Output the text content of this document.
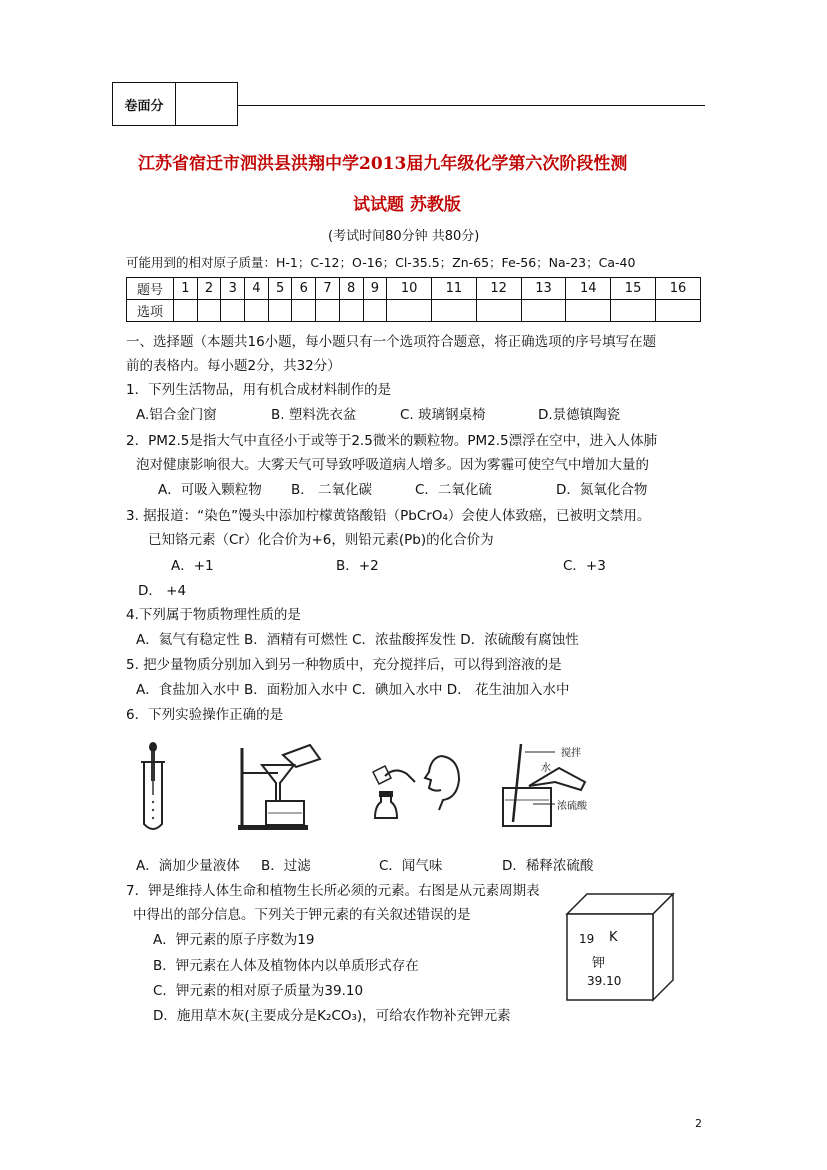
卷面分
江苏省宿迁市泗洪县洪翔中学2013届九年级化学第六次阶段性测
试试题 苏教版
(考试时间80分钟 共80分)
可能用到的相对原子质量：H-1；C-12；O-16；Cl-35.5；Zn-65；Fe-56；Na-23；Ca-40
题号	1	2	3	4	5	6	7	8	9	10	11	12	13	14	15	16
选项																
一、选择题（本题共16小题，每小题只有一个选项符合题意，将正确选项的序号填写在题
前的表格内。每小题2分，共32分）
1．下列生活物品，用有机合成材料制作的是
A.铝合金门窗	B. 塑料洗衣盆	C. 玻璃钢桌椅	D.景德镇陶瓷
2．PM2.5是指大气中直径小于或等于2.5微米的颗粒物。PM2.5漂浮在空中，进入人体肺
泡对健康影响很大。大雾天气可导致呼吸道病人增多。因为雾霾可使空气中增加大量的
A．可吸入颗粒物 B． 二氧化碳	C．二氧化硫	D．氮氧化合物
3. 据报道：“染色”馒头中添加柠檬黄铬酸铅（PbCrO₄）会使人体致癌，已被明文禁用。
已知铬元素（Cr）化合价为+6，则铅元素(Pb)的化合价为
A．+1	B．+2	C．+3
D． +4
4.下列属于物质物理性质的是
A．氦气有稳定性 B．酒精有可燃性 C．浓盐酸挥发性 D．浓硫酸有腐蚀性
5. 把少量物质分别加入到另一种物质中，充分搅拌后，可以得到溶液的是
A．食盐加入水中 B．面粉加入水中 C．碘加入水中 D． 花生油加入水中
6．下列实验操作正确的是
搅拌
水
浓硫酸
A．滴加少量液体 B．过滤	C．闻气味	D．稀释浓硫酸
7．钾是维持人体生命和植物生长所必须的元素。右图是从元素周期表
中得出的部分信息。下列关于钾元素的有关叙述错误的是
A．钾元素的原子序数为19
B．钾元素在人体及植物体内以单质形式存在
C．钾元素的相对原子质量为39.10
D．施用草木灰(主要成分是K₂CO₃)，可给农作物补充钾元素
19 K
钾
39.10
2
